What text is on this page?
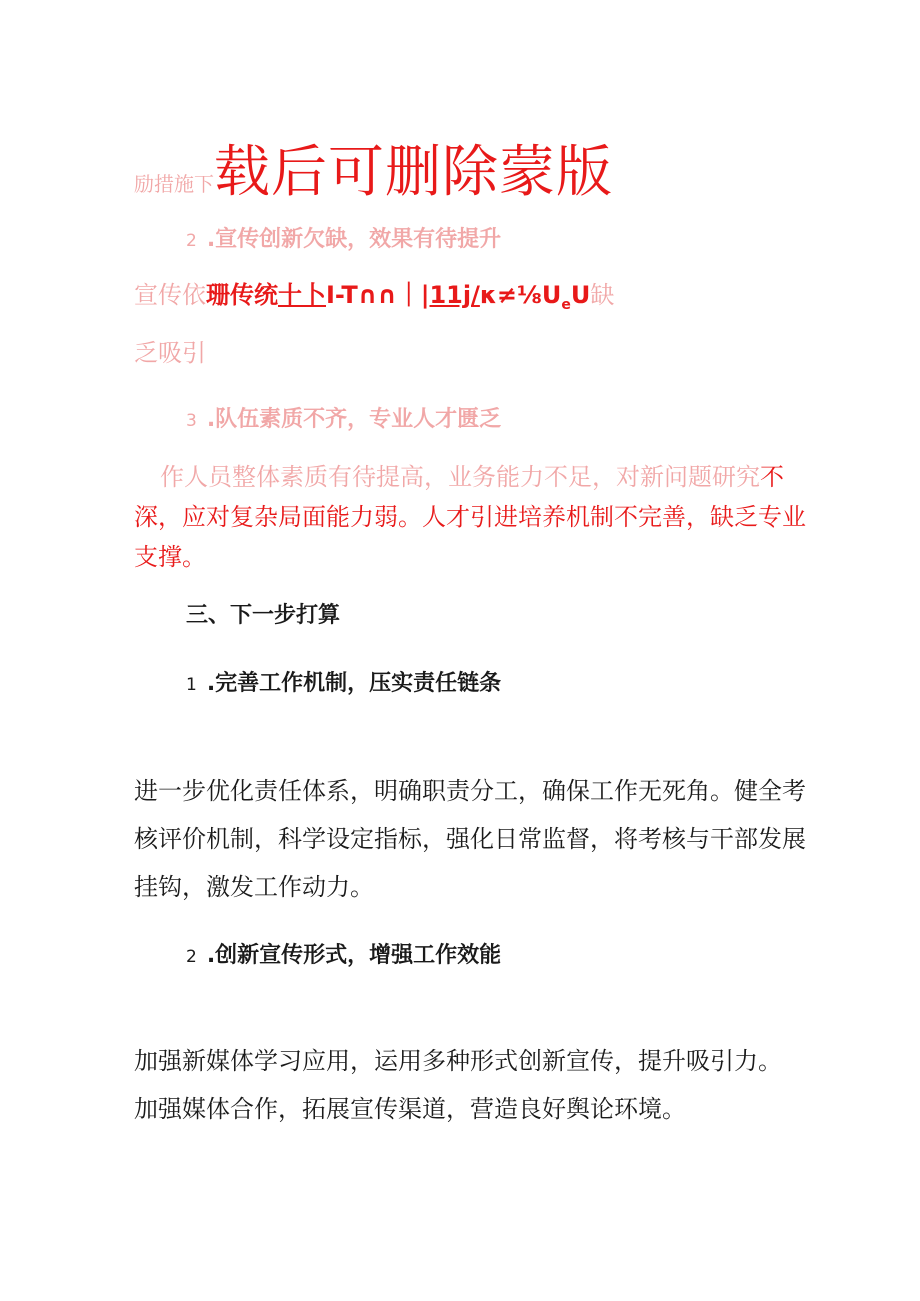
励措施下载后可删除蒙版
2 .宣传创新欠缺，效果有待提升
宣传依珊传统十卜$I-T\cap\cap||11j/\kappa\ne\frac{1}{8}U_eU$缺
乏吸引
3 .队伍素质不齐，专业人才匮乏
作人员整体素质有待提高，业务能力不足，对新问题研究不
深，应对复杂局面能力弱。人才引进培养机制不完善，缺乏专业
支撑。
三、下一步打算
1 .完善工作机制，压实责任链条
进一步优化责任体系，明确职责分工，确保工作无死角。健全考
核评价机制，科学设定指标，强化日常监督，将考核与干部发展
挂钩，激发工作动力。
2 .创新宣传形式，增强工作效能
加强新媒体学习应用，运用多种形式创新宣传，提升吸引力。
加强媒体合作，拓展宣传渠道，营造良好舆论环境。
